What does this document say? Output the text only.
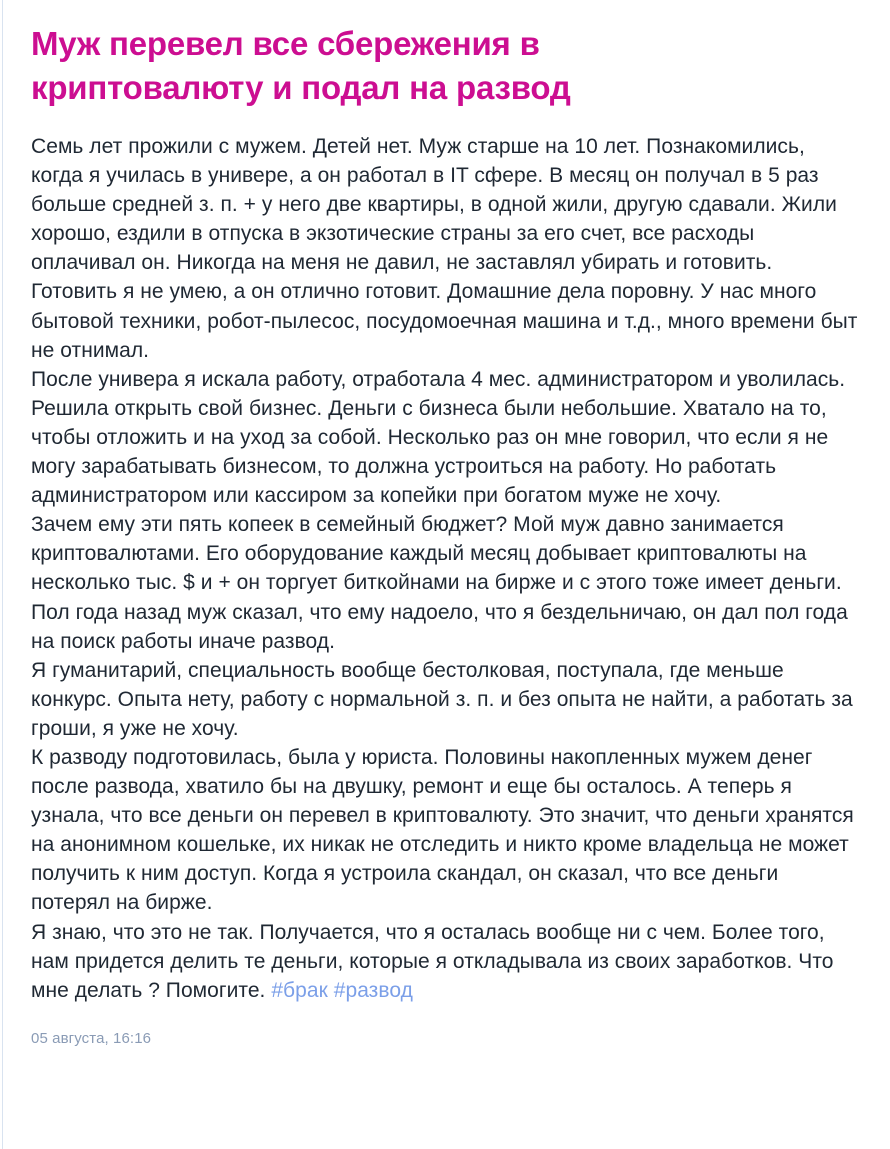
Муж перевел все сбережения в криптовалюту и подал на развод

Семь лет прожили с мужем. Детей нет. Муж старше на 10 лет. Познакомились, когда я училась в универе, а он работал в IT сфере. В месяц он получал в 5 раз больше средней з. п. + у него две квартиры, в одной жили, другую сдавали. Жили хорошо, ездили в отпуска в экзотические страны за его счет, все расходы оплачивал он. Никогда на меня не давил, не заставлял убирать и готовить. Готовить я не умею, а он отлично готовит. Домашние дела поровну. У нас много бытовой техники, робот-пылесос, посудомоечная машина и т.д., много времени быт не отнимал.

После универа я искала работу, отработала 4 мес. администратором и уволилась. Решила открыть свой бизнес. Деньги с бизнеса были небольшие. Хватало на то, чтобы отложить и на уход за собой. Несколько раз он мне говорил, что если я не могу зарабатывать бизнесом, то должна устроиться на работу. Но работать администратором или кассиром за копейки при богатом муже не хочу.

Зачем ему эти пять копеек в семейный бюджет? Мой муж давно занимается криптовалютами. Его оборудование каждый месяц добывает криптовалюты на несколько тыс. $ и + он торгует биткойнами на бирже и с этого тоже имеет деньги. Пол года назад муж сказал, что ему надоело, что я бездельничаю, он дал пол года на поиск работы иначе развод.

Я гуманитарий, специальность вообще бестолковая, поступала, где меньше конкурс. Опыта нету, работу с нормальной з. п. и без опыта не найти, а работать за гроши, я уже не хочу.

К разводу подготовилась, была у юриста. Половины накопленных мужем денег после развода, хватило бы на двушку, ремонт и еще бы осталось. А теперь я узнала, что все деньги он перевел в криптовалюту. Это значит, что деньги хранятся на анонимном кошельке, их никак не отследить и никто кроме владельца не может получить к ним доступ. Когда я устроила скандал, он сказал, что все деньги потерял на бирже.

Я знаю, что это не так. Получается, что я осталась вообще ни с чем. Более того, нам придется делить те деньги, которые я откладывала из своих заработков. Что мне делать ? Помогите. #брак #развод

05 августа, 16:16
